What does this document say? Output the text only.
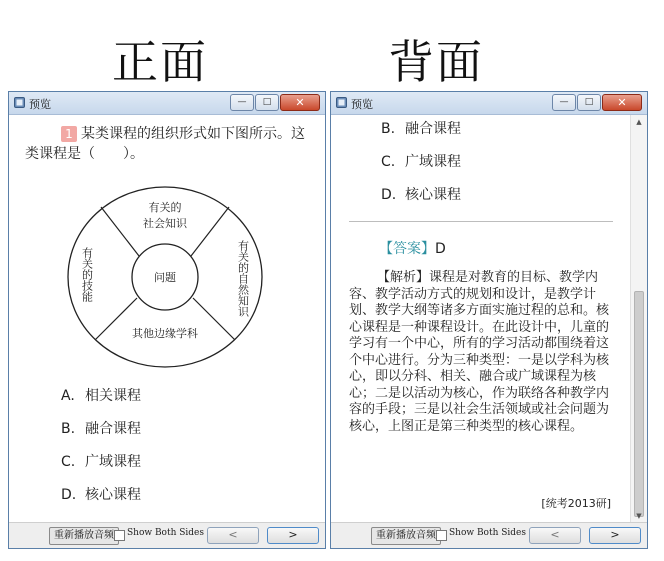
正面	背面
预览	— □ ✕
1 某类课程的组织形式如下图所示。这类课程是（　　）。
有关的
社会知识
有关的自然知识
有关的技能
其他边缘学科
问题
A. 相关课程
B. 融合课程
C. 广域课程
D. 核心课程
重新播放音频	Show Both Sides	<	>
预览	— □ ✕
B. 融合课程
C. 广域课程
D. 核心课程
【答案】D
【解析】课程是对教育的目标、教学内容、教学活动方式的规划和设计，是教学计划、教学大纲等诸多方面实施过程的总和。核心课程是一种课程设计。在此设计中，儿童的学习有一个中心，所有的学习活动都围绕着这个中心进行。分为三种类型：一是以学科为核心，即以分科、相关、融合或广域课程为核心；二是以活动为核心，作为联络各种教学内容的手段；三是以社会生活领域或社会问题为核心，上图正是第三种类型的核心课程。
[统考2013研]
▲
▼
重新播放音频	Show Both Sides	<	>
